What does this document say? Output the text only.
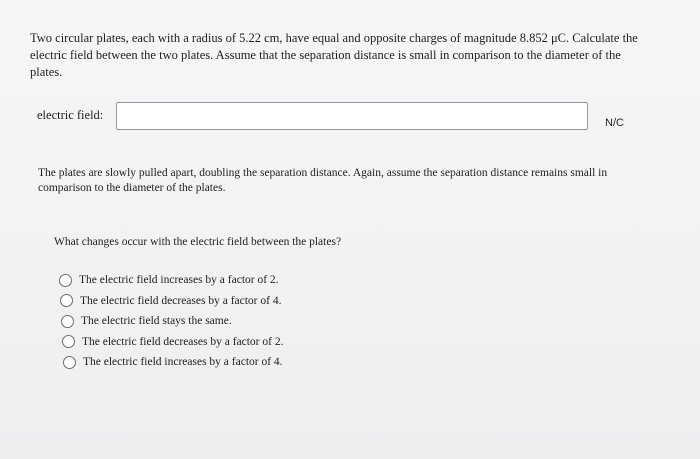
Two circular plates, each with a radius of 5.22 cm, have equal and opposite charges of magnitude 8.852 μC. Calculate the electric field between the two plates. Assume that the separation distance is small in comparison to the diameter of the plates.
electric field:
N/C
The plates are slowly pulled apart, doubling the separation distance. Again, assume the separation distance remains small in comparison to the diameter of the plates.
What changes occur with the electric field between the plates?
The electric field increases by a factor of 2.
The electric field decreases by a factor of 4.
The electric field stays the same.
The electric field decreases by a factor of 2.
The electric field increases by a factor of 4.
